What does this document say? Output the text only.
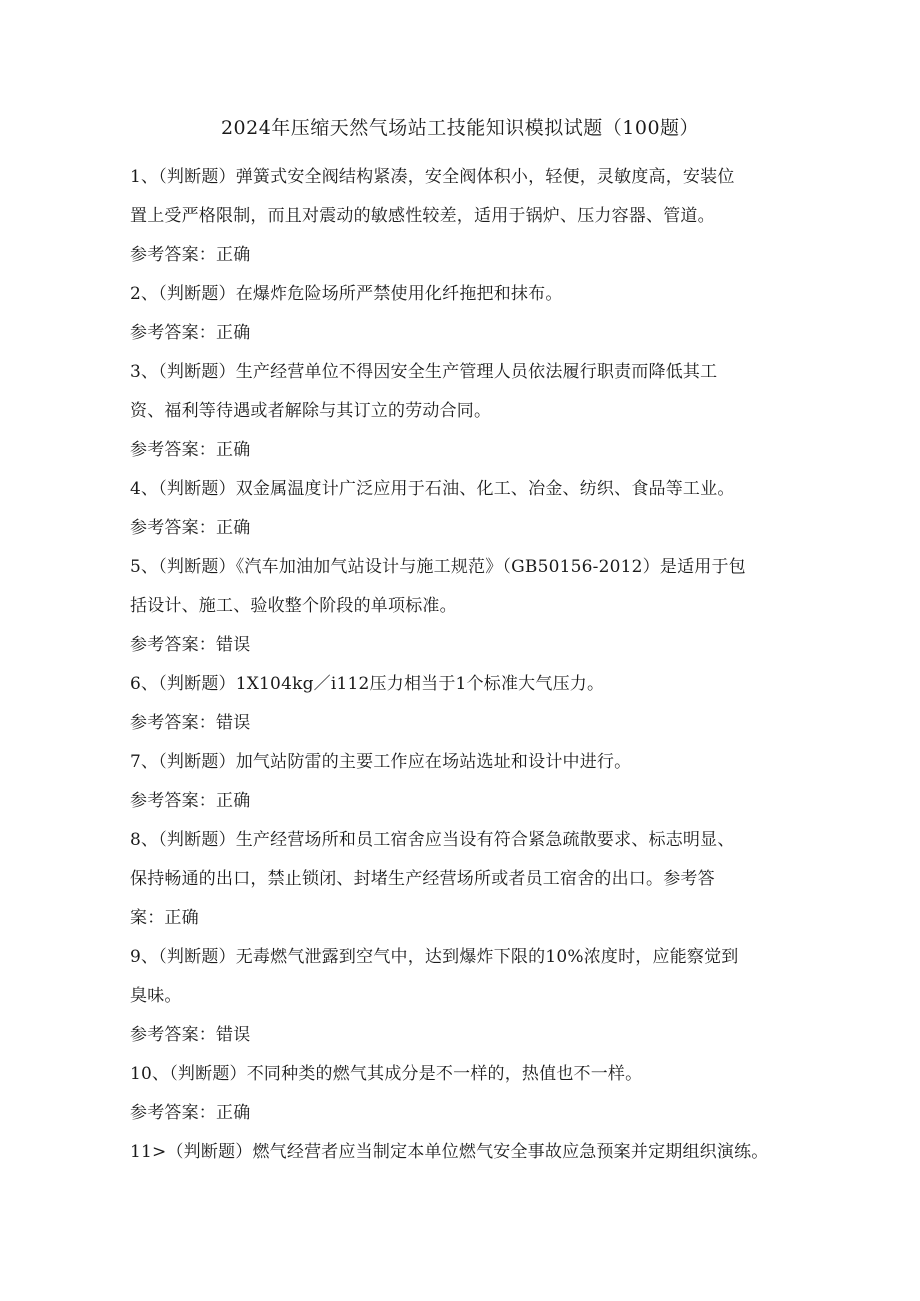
2024年压缩天然气场站工技能知识模拟试题（100题）
1、（判断题）弹簧式安全阀结构紧凑，安全阀体积小，轻便，灵敏度高，安装位
置上受严格限制，而且对震动的敏感性较差，适用于锅炉、压力容器、管道。
参考答案：正确
2、（判断题）在爆炸危险场所严禁使用化纤拖把和抹布。
参考答案：正确
3、（判断题）生产经营单位不得因安全生产管理人员依法履行职责而降低其工
资、福利等待遇或者解除与其订立的劳动合同。
参考答案：正确
4、（判断题）双金属温度计广泛应用于石油、化工、冶金、纺织、食品等工业。
参考答案：正确
5、（判断题）《汽车加油加气站设计与施工规范》（GB50156-2012）是适用于包
括设计、施工、验收整个阶段的单项标准。
参考答案：错误
6、（判断题）1X104kg／i112压力相当于1个标准大气压力。
参考答案：错误
7、（判断题）加气站防雷的主要工作应在场站选址和设计中进行。
参考答案：正确
8、（判断题）生产经营场所和员工宿舍应当设有符合紧急疏散要求、标志明显、
保持畅通的出口，禁止锁闭、封堵生产经营场所或者员工宿舍的出口。参考答
案：正确
9、（判断题）无毒燃气泄露到空气中，达到爆炸下限的10%浓度时，应能察觉到
臭味。
参考答案：错误
10、（判断题）不同种类的燃气其成分是不一样的，热值也不一样。
参考答案：正确
11>（判断题）燃气经营者应当制定本单位燃气安全事故应急预案并定期组织演练。
